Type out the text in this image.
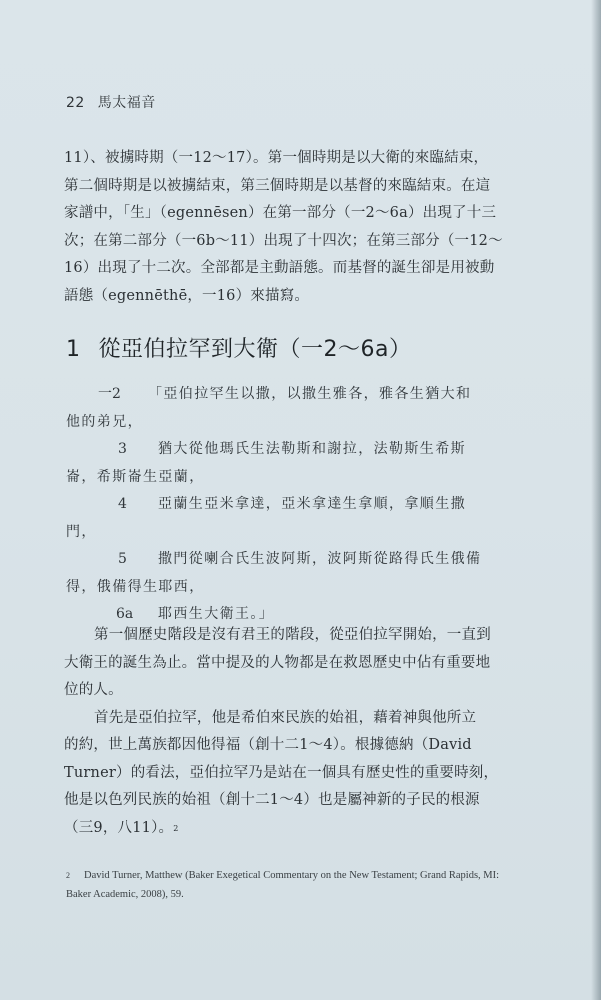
22 馬太福音

11）、被擄時期（一12～17）。第一個時期是以大衛的來臨結束，

第二個時期是以被擄結束，第三個時期是以基督的來臨結束。在這

家譜中，「生」（egennēsen）在第一部分（一2～6a）出現了十三

次；在第二部分（一6b～11）出現了十四次；在第三部分（一12～

16）出現了十二次。全部都是主動語態。而基督的誕生卻是用被動

語態（egennēthē，一16）來描寫。

1 從亞伯拉罕到大衛（一2～6a）

一2 「亞伯拉罕生以撒，以撒生雅各，雅各生猶大和

他的弟兄，

3 猶大從他瑪氏生法勒斯和謝拉，法勒斯生希斯

崙，希斯崙生亞蘭，

4 亞蘭生亞米拿達，亞米拿達生拿順，拿順生撒

門，

5 撒門從喇合氏生波阿斯，波阿斯從路得氏生俄備

得，俄備得生耶西，

6a 耶西生大衛王。」

第一個歷史階段是沒有君王的階段，從亞伯拉罕開始，一直到

大衛王的誕生為止。當中提及的人物都是在救恩歷史中佔有重要地

位的人。

首先是亞伯拉罕，他是希伯來民族的始祖，藉着神與他所立

的約，世上萬族都因他得福（創十二1～4）。根據德納（David

Turner）的看法，亞伯拉罕乃是站在一個具有歷史性的重要時刻，

他是以色列民族的始祖（創十二1～4）也是屬神新的子民的根源

（三9，八11）。$^2$

$^2$ David Turner, Matthew (Baker Exegetical Commentary on the New Testament; Grand Rapids, MI:
Baker Academic, 2008), 59.
